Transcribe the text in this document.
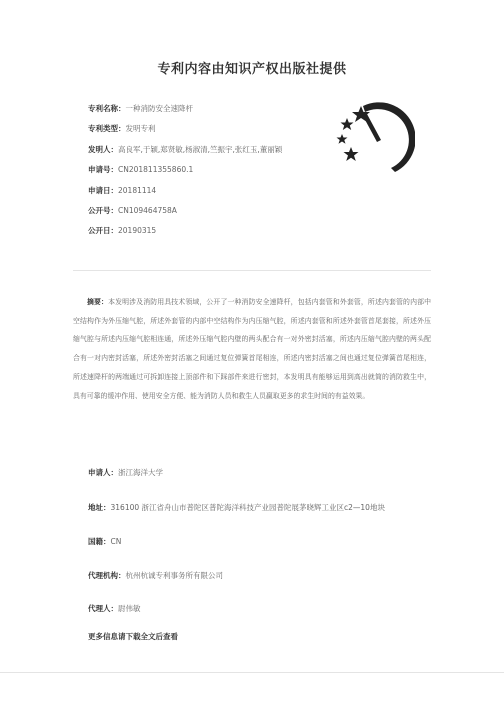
专利内容由知识产权出版社提供
专利名称：一种消防安全速降杆
专利类型：发明专利
发明人：高良军,于颖,郑贤敏,杨淑清,竺振宇,张红玉,董丽颖
申请号：CN201811355860.1
申请日：20181114
公开号：CN109464758A
公开日：20190315
摘要：本发明涉及消防用具技术领域，公开了一种消防安全速降杆，包括内套管和外套管，所述内套管的内部中空结构作为外压缩气腔，所述外套管的内部中空结构作为内压缩气腔，所述内套管和所述外套管首尾套接，所述外压缩气腔与所述内压缩气腔相连通，所述外压缩气腔内壁的两头配合有一对外密封活塞，所述内压缩气腔内壁的两头配合有一对内密封活塞，所述外密封活塞之间通过复位弹簧首尾相连，所述内密封活塞之间也通过复位弹簧首尾相连，所述速降杆的两端通过可拆卸连接上顶部件和下踩部件来进行密封，本发明具有能够运用到高出就简的消防救生中，具有可靠的缓冲作用、使用安全方便、能为消防人员和救生人员赢取更多的求生时间的有益效果。
申请人：浙江海洋大学
地址：316100 浙江省舟山市普陀区普陀海洋科技产业园普陀展茅晓辉工业区c2—10地块
国籍：CN
代理机构：杭州杭诚专利事务所有限公司
代理人：尉伟敏
更多信息请下载全文后查看
